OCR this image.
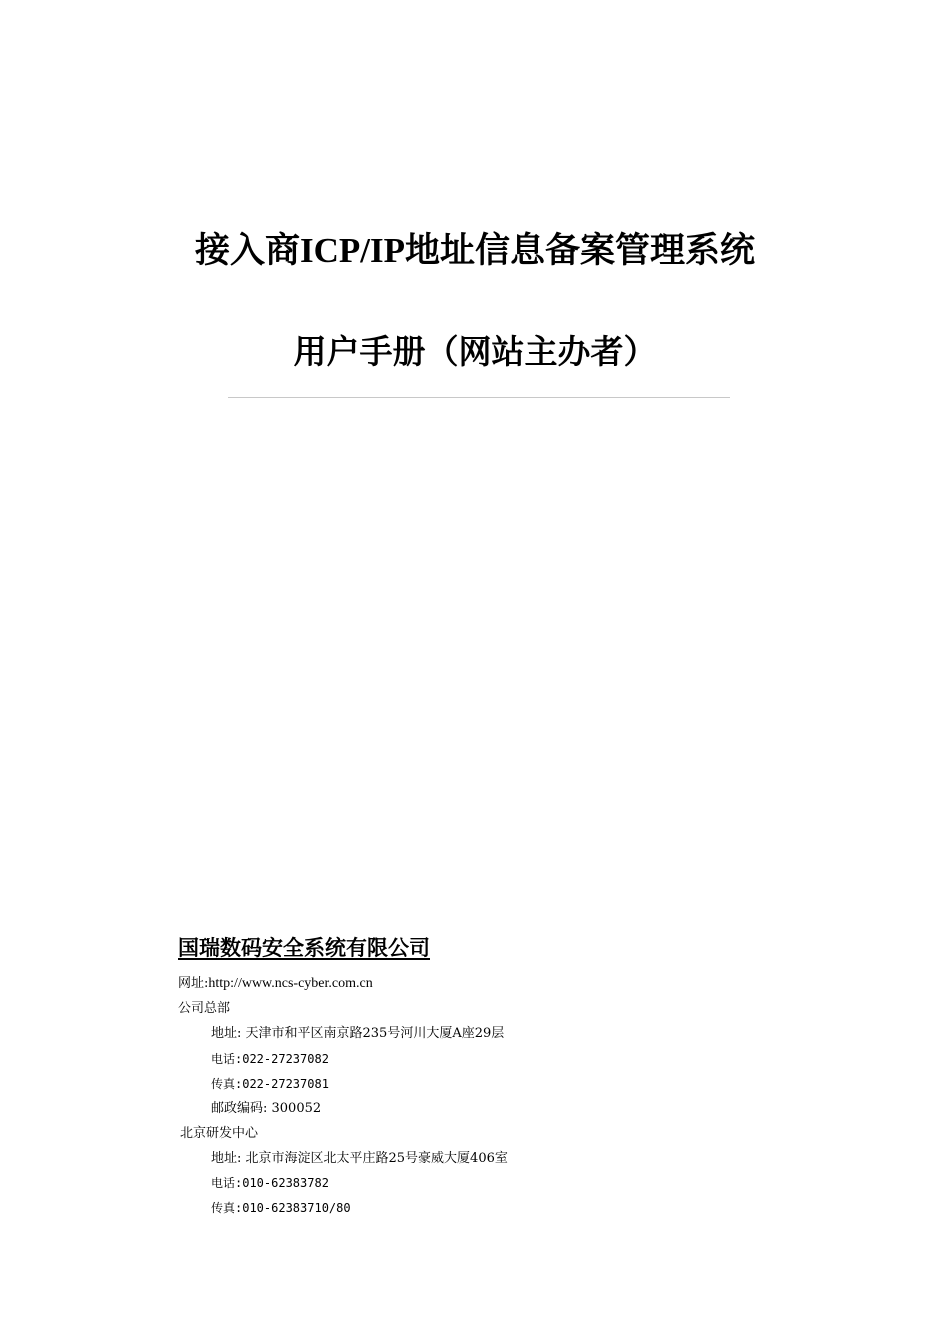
接入商ICP/IP地址信息备案管理系统
用户手册（网站主办者）
国瑞数码安全系统有限公司
网址:http://www.ncs-cyber.com.cn
公司总部
地址: 天津市和平区南京路235号河川大厦A座29层
电话:022-27237082
传真:022-27237081
邮政编码: 300052
北京研发中心
地址: 北京市海淀区北太平庄路25号豪威大厦406室
电话:010-62383782
传真:010-62383710/80
